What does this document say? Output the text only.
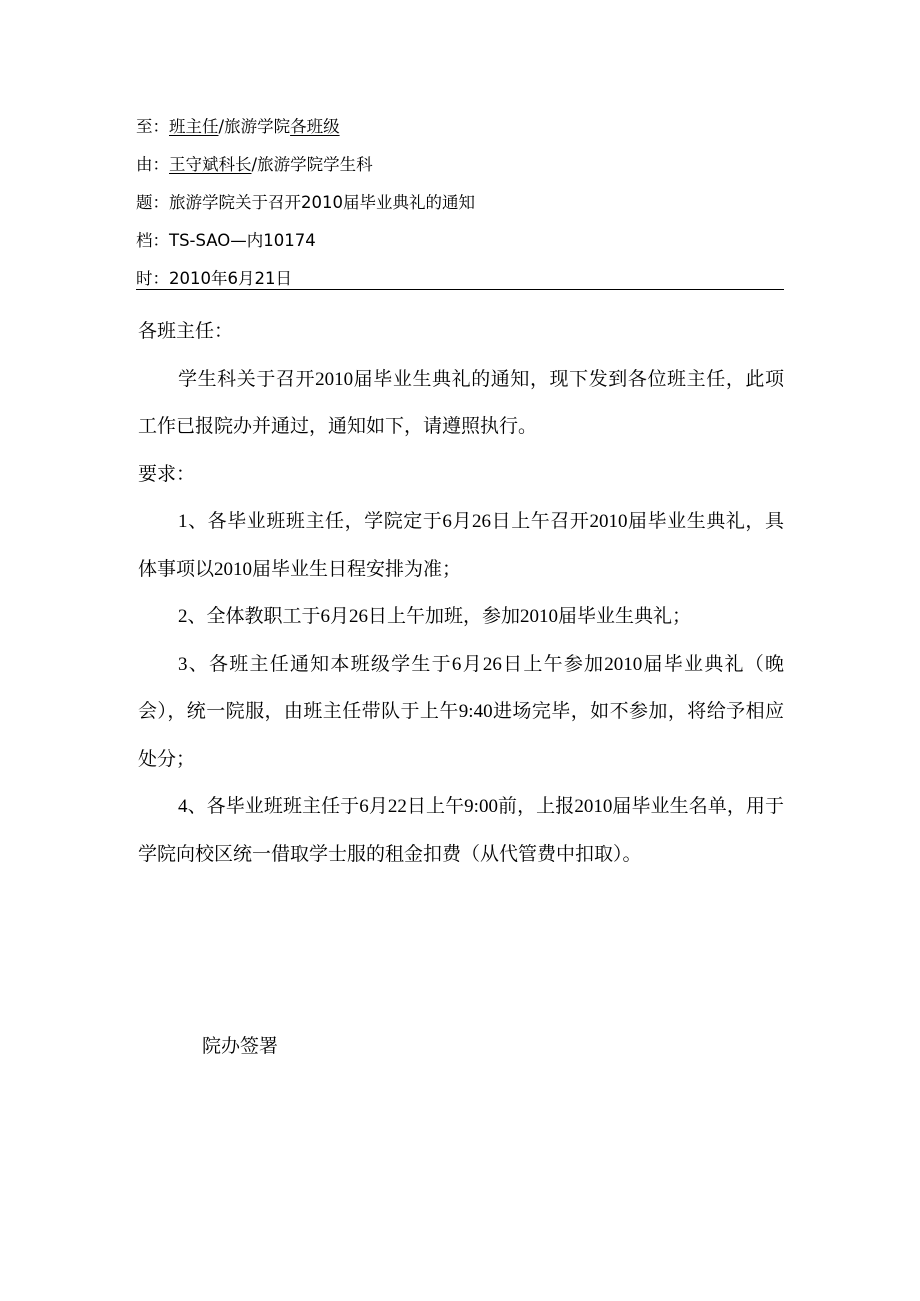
至：班主任/旅游学院各班级
由：王守斌科长/旅游学院学生科
题：旅游学院关于召开2010届毕业典礼的通知
档：TS-SAO—内10174
时：2010年6月21日

各班主任：

学生科关于召开2010届毕业生典礼的通知，现下发到各位班主任，此项工作已报院办并通过，通知如下，请遵照执行。

要求：

1、各毕业班班主任，学院定于6月26日上午召开2010届毕业生典礼，具体事项以2010届毕业生日程安排为准；

2、全体教职工于6月26日上午加班，参加2010届毕业生典礼；

3、各班主任通知本班级学生于6月26日上午参加2010届毕业典礼（晚会），统一院服，由班主任带队于上午9:40进场完毕，如不参加，将给予相应处分；

4、各毕业班班主任于6月22日上午9:00前，上报2010届毕业生名单，用于学院向校区统一借取学士服的租金扣费（从代管费中扣取）。

院办签署
